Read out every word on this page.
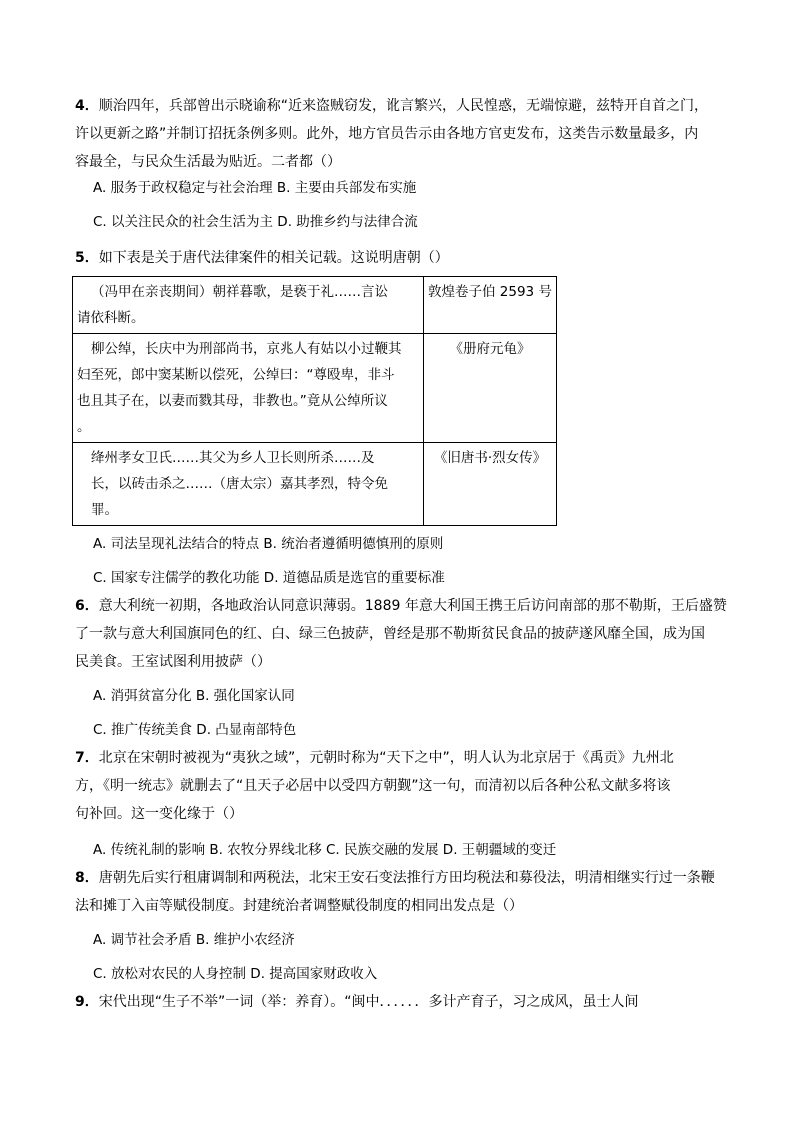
4．顺治四年，兵部曾出示晓谕称“近来盗贼窃发，讹言繁兴，人民惶惑，无端惊避，兹特开自首之门，
许以更新之路”并制订招抚条例多则。此外，地方官员告示由各地方官吏发布，这类告示数量最多，内
容最全，与民众生活最为贴近。二者都（）
A. 服务于政权稳定与社会治理 B. 主要由兵部发布实施
C. 以关注民众的社会生活为主 D. 助推乡约与法律合流
5．如下表是关于唐代法律案件的相关记载。这说明唐朝（）
（冯甲在亲丧期间）朝祥暮歌，是亵于礼……言讼
请依科断。	敦煌卷子伯 2593 号

柳公绰，长庆中为刑部尚书，京兆人有姑以小过鞭其
妇至死，郎中窦某断以偿死，公绰曰：“尊殴卑，非斗
也且其子在，以妻而戮其母，非教也。”竟从公绰所议
。	《册府元龟》

绛州孝女卫氏……其父为乡人卫长则所杀……及
长，以砖击杀之……（唐太宗）嘉其孝烈，特令免
罪。	《旧唐书·烈女传》
A. 司法呈现礼法结合的特点 B. 统治者遵循明德慎刑的原则
C. 国家专注儒学的教化功能 D. 道德品质是选官的重要标准
6．意大利统一初期，各地政治认同意识薄弱。1889 年意大利国王携王后访问南部的那不勒斯，王后盛赞
了一款与意大利国旗同色的红、白、绿三色披萨，曾经是那不勒斯贫民食品的披萨遂风靡全国，成为国
民美食。王室试图利用披萨（）
A. 消弭贫富分化 B. 强化国家认同
C. 推广传统美食 D. 凸显南部特色
7．北京在宋朝时被视为“夷狄之域”，元朝时称为“天下之中”，明人认为北京居于《禹贡》九州北
方，《明一统志》就删去了“且天子必居中以受四方朝觐”这一句，而清初以后各种公私文献多将该
句补回。这一变化缘于（）
A. 传统礼制的影响 B. 农牧分界线北移 C. 民族交融的发展 D. 王朝疆域的变迁
8．唐朝先后实行租庸调制和两税法，北宋王安石变法推行方田均税法和募役法，明清相继实行过一条鞭
法和摊丁入亩等赋役制度。封建统治者调整赋役制度的相同出发点是（）
A. 调节社会矛盾 B. 维护小农经济
C. 放松对农民的人身控制 D. 提高国家财政收入
9．宋代出现“生子不举”一词（举：养育）。“闽中．．．．．．多计产育子，习之成风，虽士人间
